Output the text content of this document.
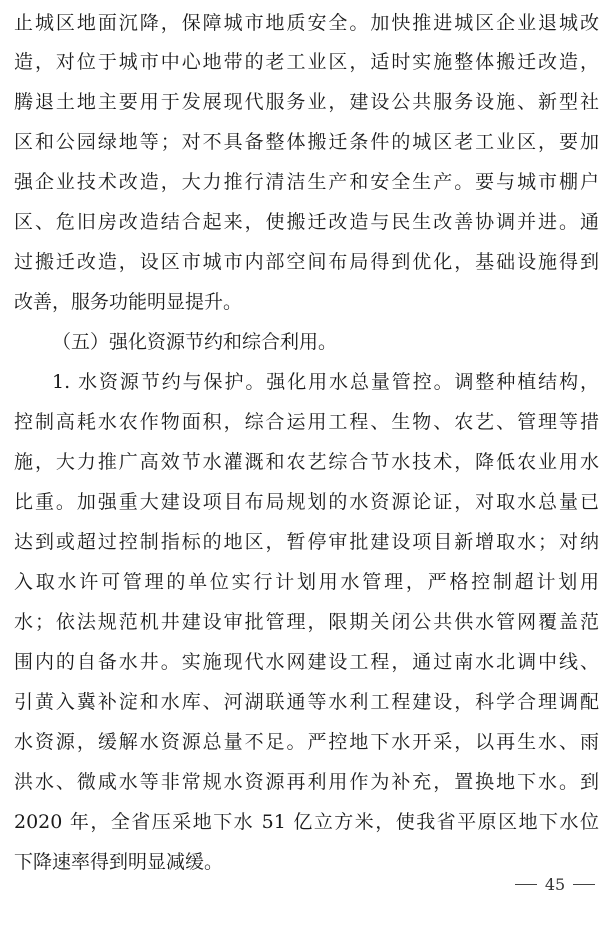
止城区地面沉降，保障城市地质安全。加快推进城区企业退城改
造，对位于城市中心地带的老工业区，适时实施整体搬迁改造，
腾退土地主要用于发展现代服务业，建设公共服务设施、新型社
区和公园绿地等；对不具备整体搬迁条件的城区老工业区，要加
强企业技术改造，大力推行清洁生产和安全生产。要与城市棚户
区、危旧房改造结合起来，使搬迁改造与民生改善协调并进。通
过搬迁改造，设区市城市内部空间布局得到优化，基础设施得到
改善，服务功能明显提升。
（五）强化资源节约和综合利用。
1. 水资源节约与保护。强化用水总量管控。调整种植结构，
控制高耗水农作物面积，综合运用工程、生物、农艺、管理等措
施，大力推广高效节水灌溉和农艺综合节水技术，降低农业用水
比重。加强重大建设项目布局规划的水资源论证，对取水总量已
达到或超过控制指标的地区，暂停审批建设项目新增取水；对纳
入取水许可管理的单位实行计划用水管理，严格控制超计划用
水；依法规范机井建设审批管理，限期关闭公共供水管网覆盖范
围内的自备水井。实施现代水网建设工程，通过南水北调中线、
引黄入冀补淀和水库、河湖联通等水利工程建设，科学合理调配
水资源，缓解水资源总量不足。严控地下水开采，以再生水、雨
洪水、微咸水等非常规水资源再利用作为补充，置换地下水。到
2020 年，全省压采地下水 51 亿立方米，使我省平原区地下水位
下降速率得到明显减缓。
45
